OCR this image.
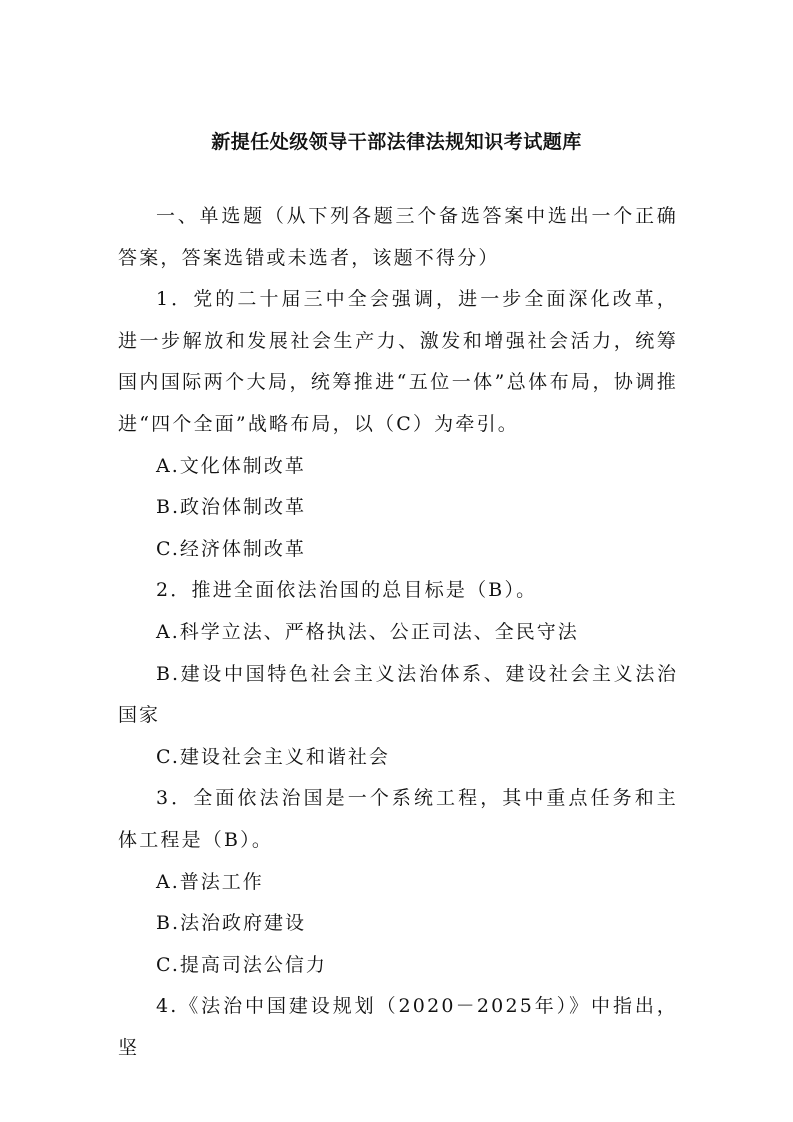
新提任处级领导干部法律法规知识考试题库

一、单选题（从下列各题三个备选答案中选出一个正确答案，答案选错或未选者，该题不得分）

1．党的二十届三中全会强调，进一步全面深化改革，进一步解放和发展社会生产力、激发和增强社会活力，统筹国内国际两个大局，统筹推进“五位一体”总体布局，协调推进“四个全面”战略布局，以（C）为牵引。

A.文化体制改革

B.政治体制改革

C.经济体制改革

2．推进全面依法治国的总目标是（B）。

A.科学立法、严格执法、公正司法、全民守法

B.建设中国特色社会主义法治体系、建设社会主义法治国家

C.建设社会主义和谐社会

3．全面依法治国是一个系统工程，其中重点任务和主体工程是（B）。

A.普法工作

B.法治政府建设

C.提高司法公信力

4.《法治中国建设规划（2020－2025年）》中指出，坚
